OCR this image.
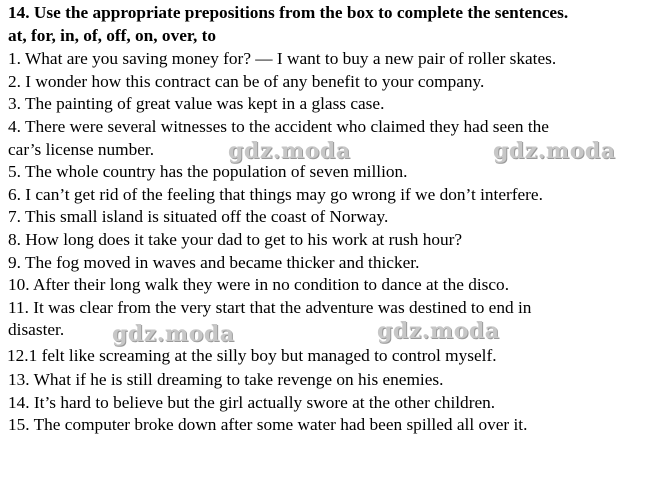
14. Use the appropriate prepositions from the box to complete the sentences.
at, for, in, of, off, on, over, to
1. What are you saving money for? — I want to buy a new pair of roller skates.
2. I wonder how this contract can be of any benefit to your company.
3. The painting of great value was kept in a glass case.
4. There were several witnesses to the accident who claimed they had seen the
car’s license number.
5. The whole country has the population of seven million.
6. I can’t get rid of the feeling that things may go wrong if we don’t interfere.
7. This small island is situated off the coast of Norway.
8. How long does it take your dad to get to his work at rush hour?
9. The fog moved in waves and became thicker and thicker.
10. After their long walk they were in no condition to dance at the disco.
11. It was clear from the very start that the adventure was destined to end in
disaster.
12.1 felt like screaming at the silly boy but managed to control myself.
13. What if he is still dreaming to take revenge on his enemies.
14. It’s hard to believe but the girl actually swore at the other children.
15. The computer broke down after some water had been spilled all over it.
gdz.moda	gdz.moda
gdz.moda	gdz.moda
